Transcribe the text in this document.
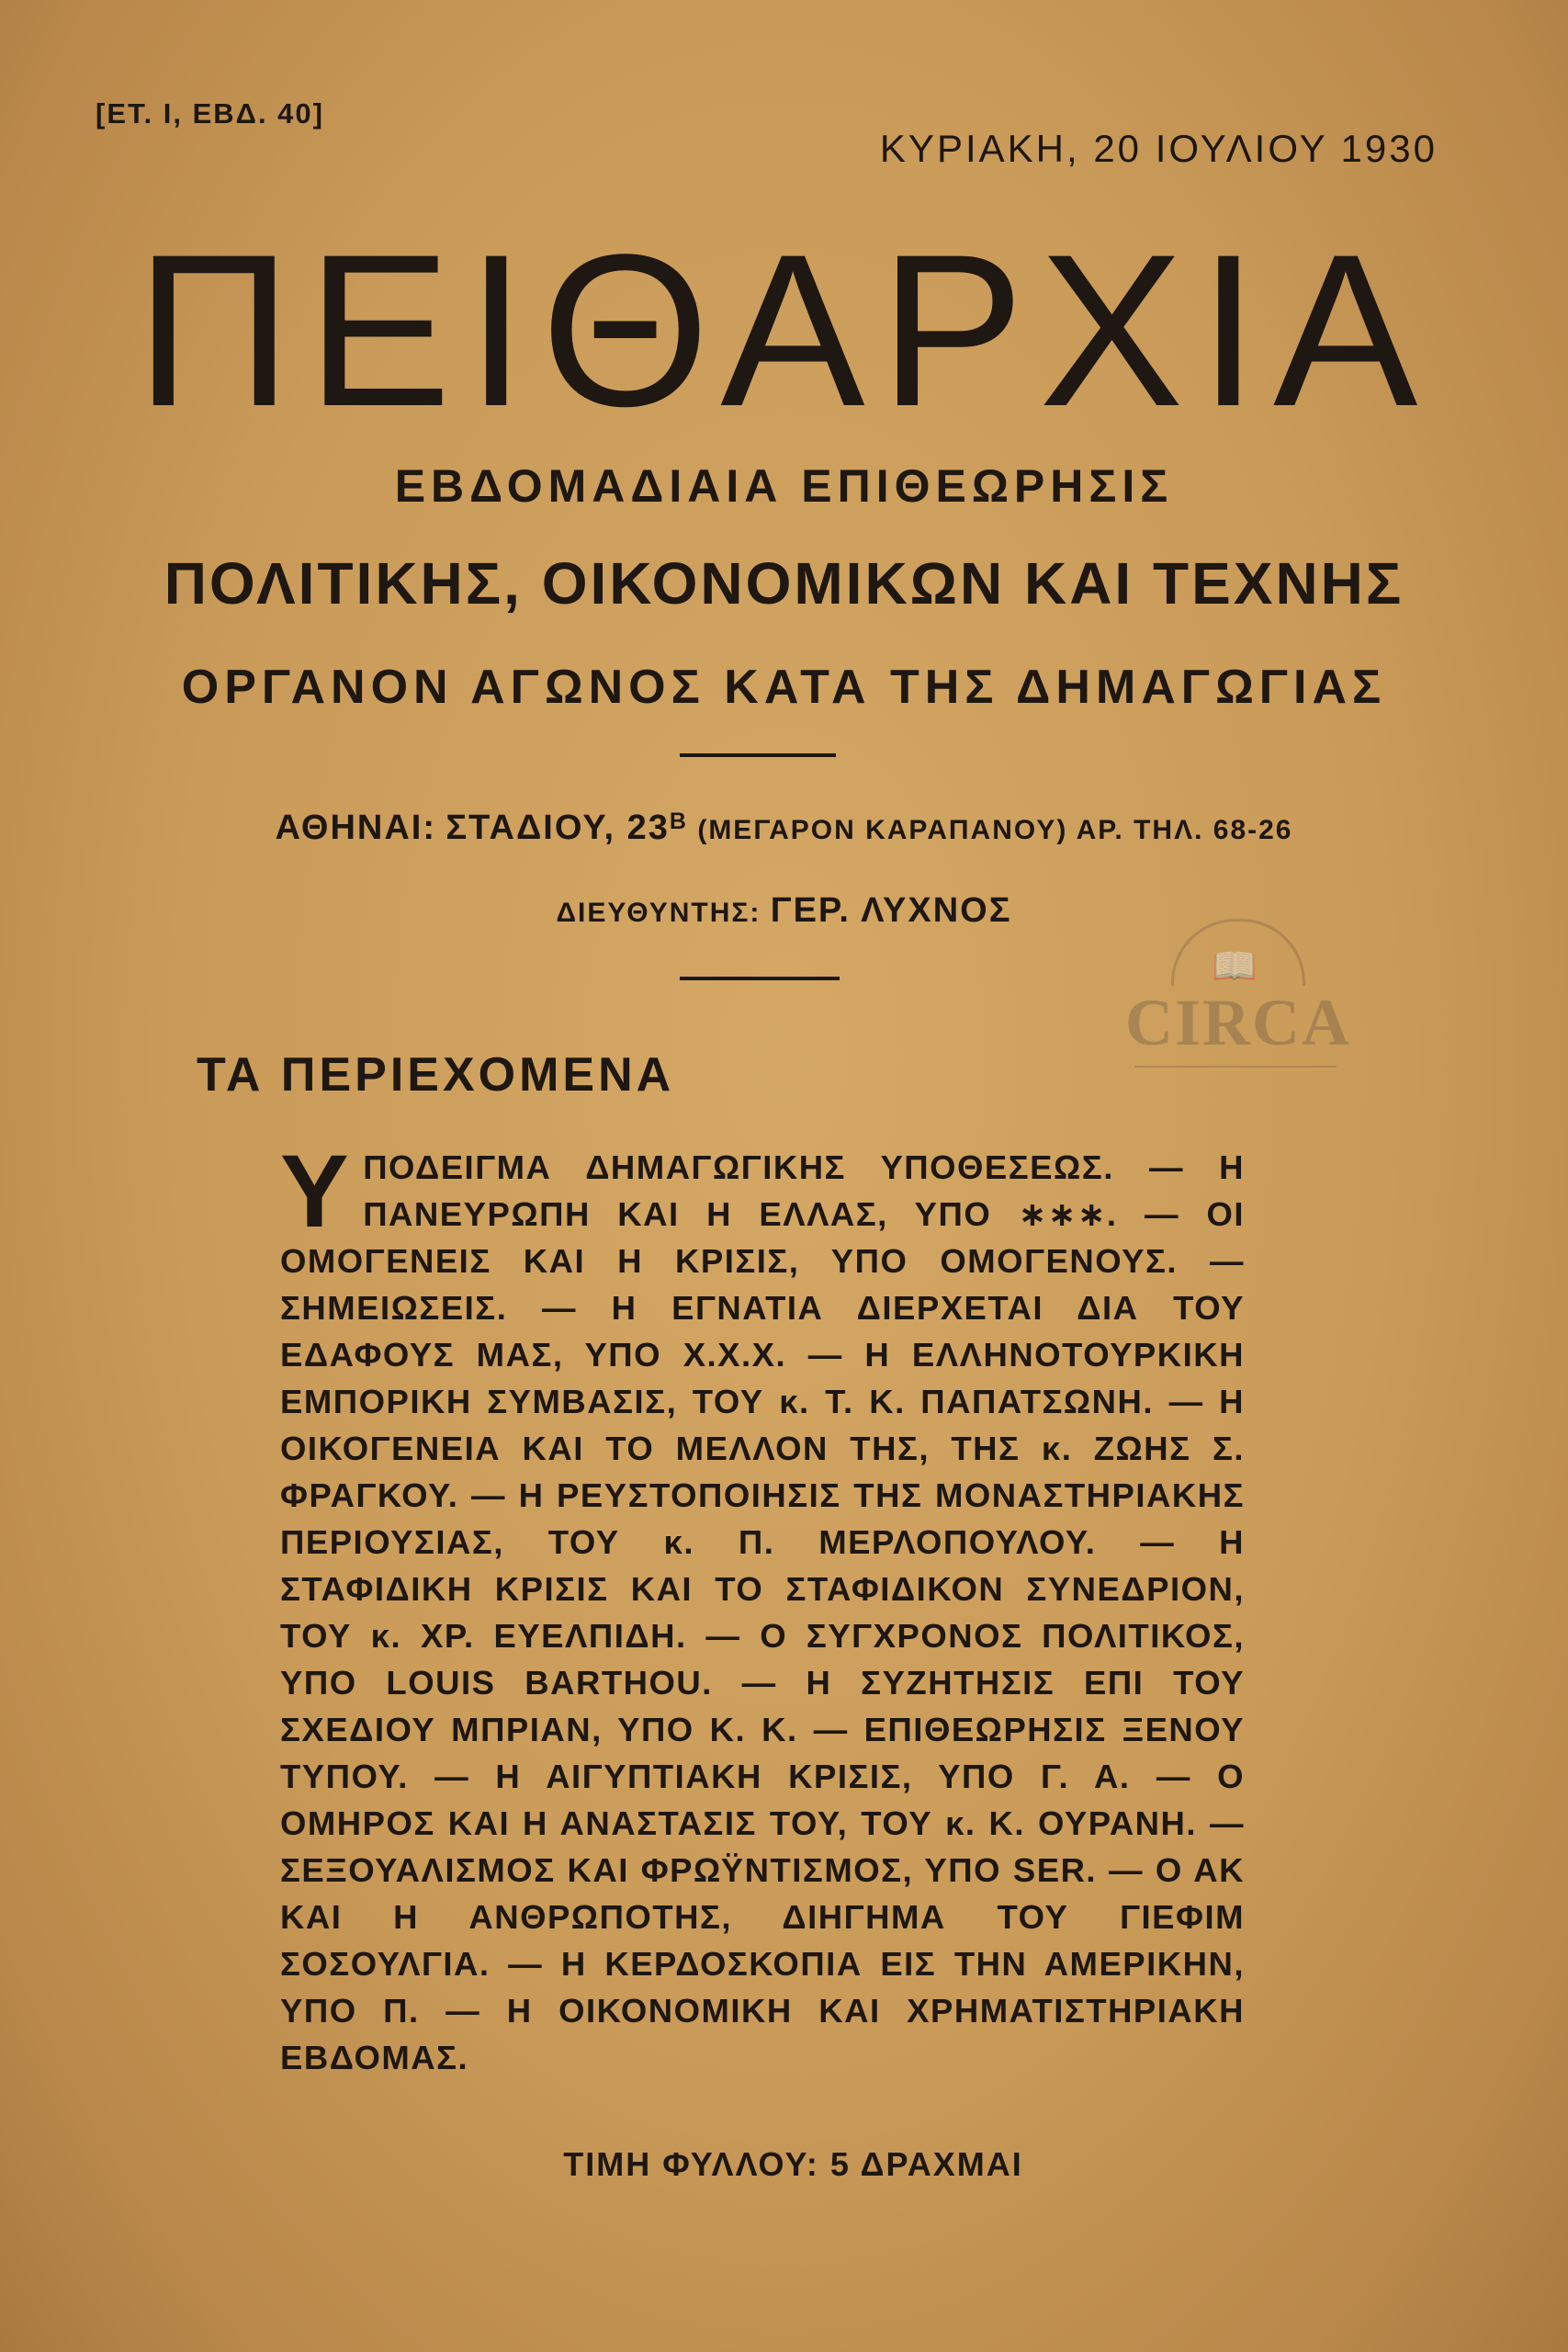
[ΕΤ. Ι, ΕΒΔ. 40]
ΚΥΡΙΑΚΗ, 20 ΙΟΥΛΙΟΥ 1930
ΠΕΙΘΑΡΧΙΑ
ΕΒΔΟΜΑΔΙΑΙΑ ΕΠΙΘΕΩΡΗΣΙΣ
ΠΟΛΙΤΙΚΗΣ, ΟΙΚΟΝΟΜΙΚΩΝ ΚΑΙ ΤΕΧΝΗΣ
ΟΡΓΑΝΟΝ ΑΓΩΝΟΣ ΚΑΤΑ ΤΗΣ ΔΗΜΑΓΩΓΙΑΣ
ΑΘΗΝΑΙ: ΣΤΑΔΙΟΥ, $23^B$ (ΜΕΓΑΡΟΝ ΚΑΡΑΠΑΝΟΥ) ΑΡ. ΤΗΛ. 68-26
ΔΙΕΥΘΥΝΤΗΣ: ΓΕΡ. ΛΥΧΝΟΣ
📖
CIRCA
ΤΑ ΠΕΡΙΕΧΟΜΕΝΑ
Υ ΠΟΔΕΙΓΜΑ ΔΗΜΑΓΩΓΙΚΗΣ ΥΠΟΘΕΣΕΩΣ. — Η ΠΑΝΕΥΡΩΠΗ ΚΑΙ Η ΕΛΛΑΣ, ΥΠΟ ∗∗∗. — ΟΙ ΟΜΟΓΕΝΕΙΣ ΚΑΙ Η ΚΡΙΣΙΣ, ΥΠΟ ΟΜΟΓΕΝΟΥΣ. — ΣΗΜΕΙΩΣΕΙΣ. — Η ΕΓΝΑΤΙΑ ΔΙΕΡΧΕΤΑΙ ΔΙΑ ΤΟΥ ΕΔΑΦΟΥΣ ΜΑΣ, ΥΠΟ Χ.Χ.Χ. — Η ΕΛΛΗΝΟΤΟΥΡΚΙΚΗ ΕΜΠΟΡΙΚΗ ΣΥΜΒΑΣΙΣ, ΤΟΥ κ. Τ. Κ. ΠΑΠΑΤΣΩΝΗ. — Η ΟΙΚΟΓΕΝΕΙΑ ΚΑΙ ΤΟ ΜΕΛΛΟΝ ΤΗΣ, ΤΗΣ κ. ΖΩΗΣ Σ. ΦΡΑΓΚΟΥ. — Η ΡΕΥΣΤΟΠΟΙΗΣΙΣ ΤΗΣ ΜΟΝΑΣΤΗΡΙΑΚΗΣ ΠΕΡΙΟΥΣΙΑΣ, ΤΟΥ κ. Π. ΜΕΡΛΟΠΟΥΛΟΥ. — Η ΣΤΑΦΙΔΙΚΗ ΚΡΙΣΙΣ ΚΑΙ ΤΟ ΣΤΑΦΙΔΙΚΟΝ ΣΥΝΕΔΡΙΟΝ, ΤΟΥ κ. ΧΡ. ΕΥΕΛΠΙΔΗ. — Ο ΣΥΓΧΡΟΝΟΣ ΠΟΛΙΤΙΚΟΣ, ΥΠΟ LOUIS BARTHOU. — Η ΣΥΖΗΤΗΣΙΣ ΕΠΙ ΤΟΥ ΣΧΕΔΙΟΥ ΜΠΡΙΑΝ, ΥΠΟ Κ. Κ. — ΕΠΙΘΕΩΡΗΣΙΣ ΞΕΝΟΥ ΤΥΠΟΥ. — Η ΑΙΓΥΠΤΙΑΚΗ ΚΡΙΣΙΣ, ΥΠΟ Γ. Α. — Ο ΟΜΗΡΟΣ ΚΑΙ Η ΑΝΑΣΤΑΣΙΣ ΤΟΥ, ΤΟΥ κ. Κ. ΟΥΡΑΝΗ. — ΣΕΞΟΥΑΛΙΣΜΟΣ ΚΑΙ ΦΡΩΫΝΤΙΣΜΟΣ, ΥΠΟ SER. — Ο ΑΚ ΚΑΙ Η ΑΝΘΡΩΠΟΤΗΣ, ΔΙΗΓΗΜΑ ΤΟΥ ΓΙΕΦΙΜ ΣΟΣΟΥΛΓΙΑ. — Η ΚΕΡΔΟΣΚΟΠΙΑ ΕΙΣ ΤΗΝ ΑΜΕΡΙΚΗΝ, ΥΠΟ Π. — Η ΟΙΚΟΝΟΜΙΚΗ ΚΑΙ ΧΡΗΜΑΤΙΣΤΗΡΙΑΚΗ ΕΒΔΟΜΑΣ.
ΤΙΜΗ ΦΥΛΛΟΥ: 5 ΔΡΑΧΜΑΙ
